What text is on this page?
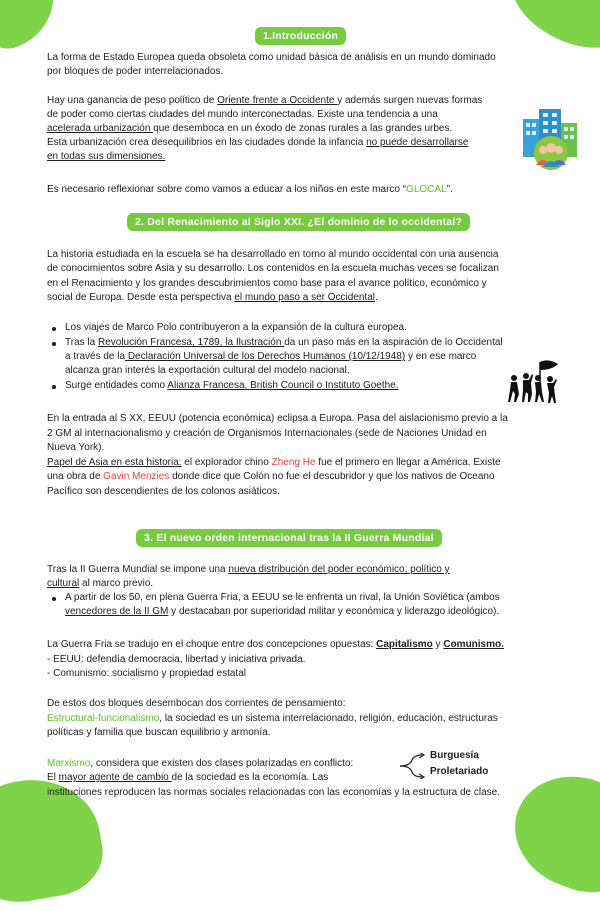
1.Introducción
La forma de Estado Europea queda obsoleta como unidad básica de análisis en un mundo dominado
por bloques de poder interrelacionados.
Hay una ganancia de peso político de Oriente frente a Occidente y además surgen nuevas formas
de poder como ciertas ciudades del mundo interconectadas. Existe una tendencia a una
acelerada urbanización que desemboca en un éxodo de zonas rurales a las grandes urbes.
Esta urbanización crea desequilibrios en las ciudades donde la infancia no puede desarrollarse
en todas sus dimensiones.
Es necesario reflexionar sobre como vamos a educar a los niños en este marco “GLOCAL”.
2. Del Renacimiento al Siglo XXI. ¿El dominio de lo occidental?
La historia estudiada en la escuela se ha desarrollado en torno al mundo occidental con una ausencia
de conocimientos sobre Asia y su desarrollo. Los contenidos en la escuela muchas veces se focalizan
en el Renacimiento y los grandes descubrimientos como base para el avance político, económico y
social de Europa. Desde esta perspectiva el mundo paso a ser Occidental.
Los viajes de Marco Polo contribuyeron a la expansión de la cultura europea.
Tras la Revolución Francesa, 1789, la Ilustración da un paso más en la aspiración de lo Occidental
a través de la Declaración Universal de los Derechos Humanos (10/12/1948) y en ese marco
alcanza gran interés la exportación cultural del modelo nacional.
Surge entidades como Alianza Francesa, British Council o Instituto Goethe.
En la entrada al S XX, EEUU (potencia económica) eclipsa a Europa. Pasa del aislacionismo previo a la
2 GM al internacionalismo y creación de Organismos Internacionales (sede de Naciones Unidad en
Nueva York).
Papel de Asia en esta historia: el explorador chino Zheng He fue el primero en llegar a América. Existe
una obra de Gavin Menzies donde dice que Colón no fue el descubridor y que los nativos de Oceano
Pacífico son descendientes de los colonos asiáticos.
3. El nuevo orden internacional tras la II Guerra Mundial
Tras la II Guerra Mundial se impone una nueva distribución del poder económico, político y
cultural al marco previo.
A partir de los 50, en plena Guerra Fria, a EEUU se le enfrenta un rival, la Unión Soviética (ambos
vencedores de la II GM y destacaban por superioridad militar y económica y liderazgo ideológico).
La Guerra Fria se tradujo en el choque entre dos concepciones opuestas: Capitalismo y Comunismo.
- EEUU: defendía democracia, libertad y iniciativa privada.
- Comunismo: socialismo y propiedad estatal
De estos dos bloques desembocan dos corrientes de pensamiento:
Estructural-funcionalismo, la sociedad es un sistema interrelacionado, religión, educación, estructuras
políticas y familia que buscan equilibrio y armonía.
Marxismo, considera que existen dos clases polarizadas en conflicto:
Burguesía
Proletariado
El mayor agente de cambio de la sociedad es la economía. Las
instituciones reproducen las normas sociales relacionadas con las economías y la estructura de clase.
